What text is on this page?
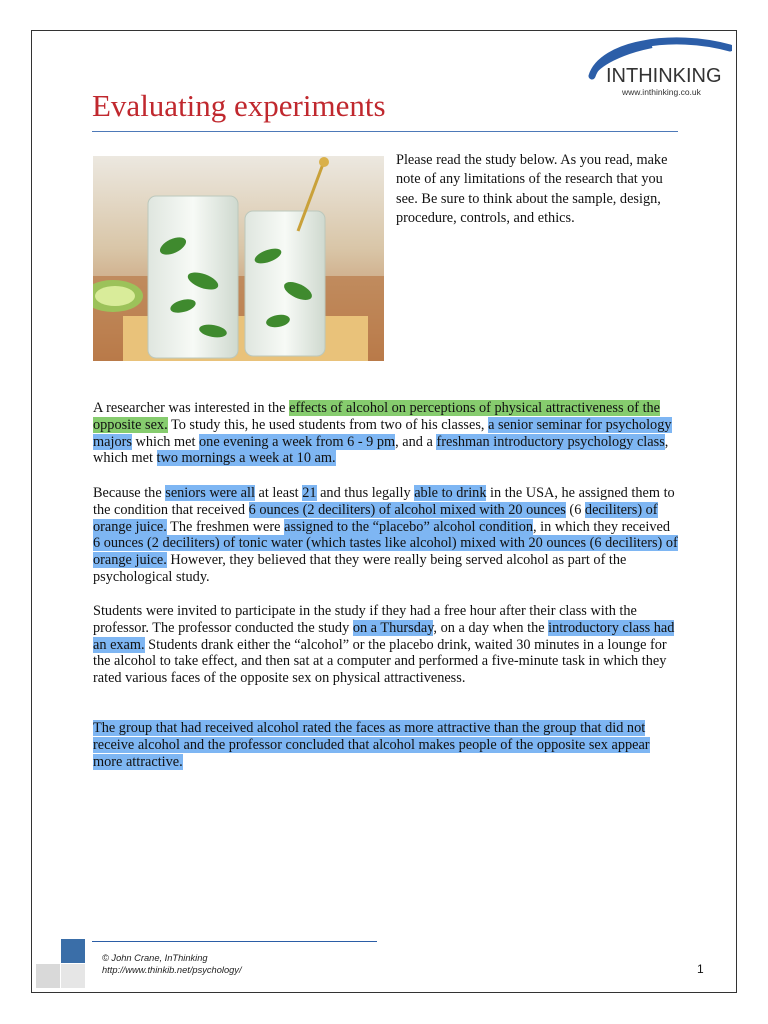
INTHINKING
www.inthinking.co.uk
Evaluating experiments

Please read the study below. As you read, make note of any limitations of the research that you see. Be sure to think about the sample, design, procedure, controls, and ethics.

A researcher was interested in the effects of alcohol on perceptions of physical attractiveness of the opposite sex. To study this, he used students from two of his classes, a senior seminar for psychology majors which met one evening a week from 6 - 9 pm, and a freshman introductory psychology class, which met two mornings a week at 10 am.

Because the seniors were all at least 21 and thus legally able to drink in the USA, he assigned them to the condition that received 6 ounces (2 deciliters) of alcohol mixed with 20 ounces (6 deciliters) of orange juice. The freshmen were assigned to the “placebo” alcohol condition, in which they received 6 ounces (2 deciliters) of tonic water (which tastes like alcohol) mixed with 20 ounces (6 deciliters) of orange juice. However, they believed that they were really being served alcohol as part of the psychological study.

Students were invited to participate in the study if they had a free hour after their class with the professor. The professor conducted the study on a Thursday, on a day when the introductory class had an exam. Students drank either the “alcohol” or the placebo drink, waited 30 minutes in a lounge for the alcohol to take effect, and then sat at a computer and performed a five-minute task in which they rated various faces of the opposite sex on physical attractiveness.

The group that had received alcohol rated the faces as more attractive than the group that did not receive alcohol and the professor concluded that alcohol makes people of the opposite sex appear more attractive.

© John Crane, InThinking
http://www.thinkib.net/psychology/	1
